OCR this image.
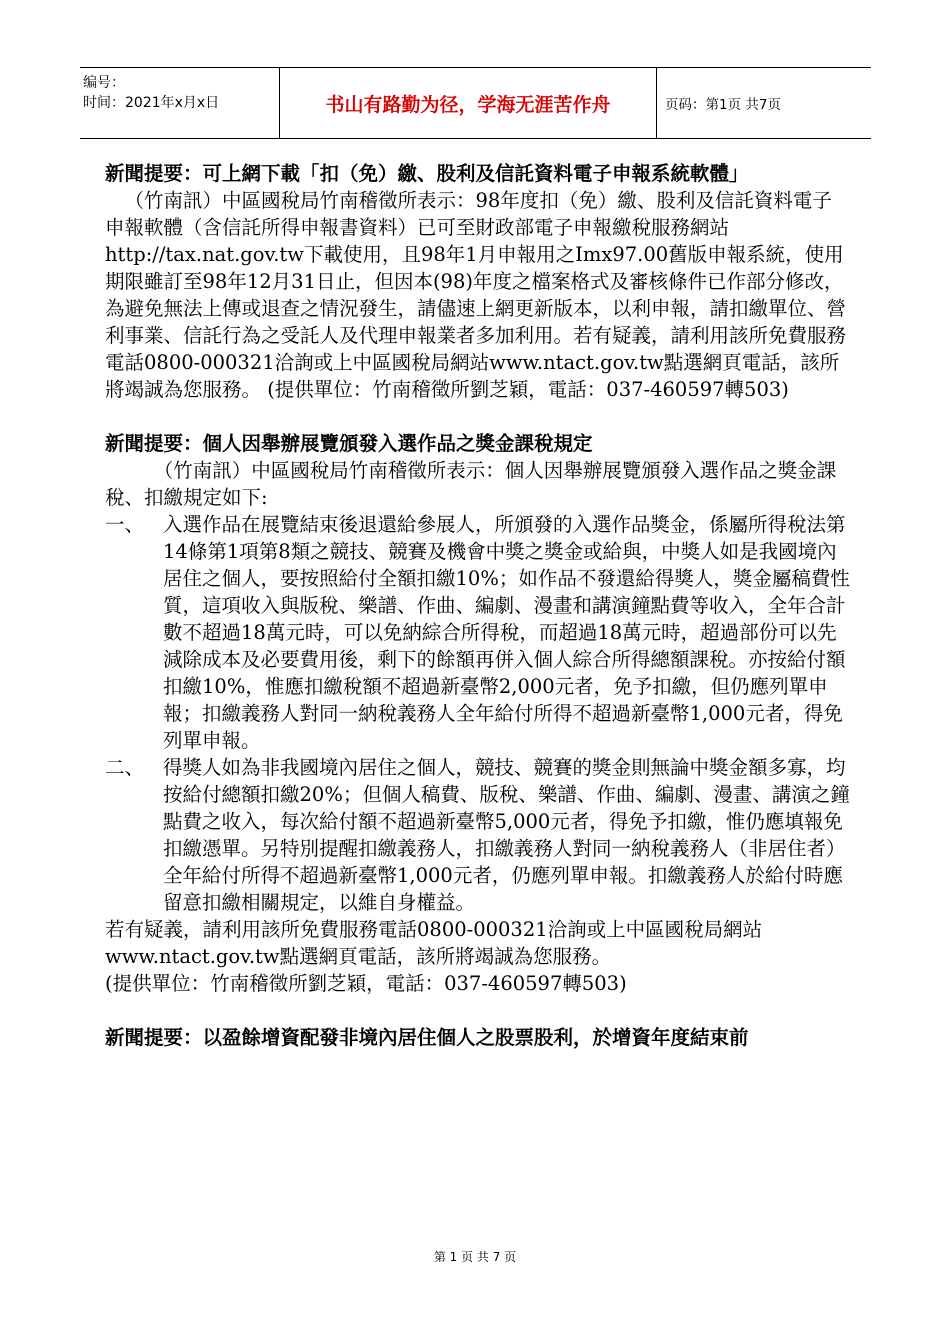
编号：
时间：2021年x月x日	书山有路勤为径，学海无涯苦作舟	页码：第1页 共7页

新聞提要：可上網下載「扣（免）繳、股利及信託資料電子申報系統軟體」

（竹南訊）中區國稅局竹南稽徵所表示：98年度扣（免）繳、股利及信託資料電子申報軟體（含信託所得申報書資料）已可至財政部電子申報繳稅服務網站http://tax.nat.gov.tw下載使用，且98年1月申報用之Imx97.00舊版申報系統，使用期限雖訂至98年12月31日止，但因本(98)年度之檔案格式及審核條件已作部分修改，為避免無法上傳或退查之情況發生，請儘速上網更新版本，以利申報，請扣繳單位、營利事業、信託行為之受託人及代理申報業者多加利用。若有疑義，請利用該所免費服務電話0800-000321洽詢或上中區國稅局網站www.ntact.gov.tw點選網頁電話，該所將竭誠為您服務。 (提供單位：竹南稽徵所劉芝穎，電話：037-460597轉503)

新聞提要：個人因舉辦展覽頒發入選作品之獎金課稅規定

（竹南訊）中區國稅局竹南稽徵所表示：個人因舉辦展覽頒發入選作品之獎金課稅、扣繳規定如下:

一、 入選作品在展覽結束後退還給參展人，所頒發的入選作品獎金，係屬所得稅法第14條第1項第8類之競技、競賽及機會中獎之獎金或給與，中獎人如是我國境內居住之個人，要按照給付全額扣繳10%；如作品不發還給得獎人，獎金屬稿費性質，這項收入與版稅、樂譜、作曲、編劇、漫畫和講演鐘點費等收入，全年合計數不超過18萬元時，可以免納綜合所得稅，而超過18萬元時，超過部份可以先減除成本及必要費用後，剩下的餘額再併入個人綜合所得總額課稅。亦按給付額扣繳10%，惟應扣繳稅額不超過新臺幣2,000元者，免予扣繳，但仍應列單申報；扣繳義務人對同一納稅義務人全年給付所得不超過新臺幣1,000元者，得免列單申報。
二、 得獎人如為非我國境內居住之個人，競技、競賽的獎金則無論中獎金額多寡，均按給付總額扣繳20%；但個人稿費、版稅、樂譜、作曲、編劇、漫畫、講演之鐘點費之收入，每次給付額不超過新臺幣5,000元者，得免予扣繳，惟仍應填報免扣繳憑單。另特別提醒扣繳義務人，扣繳義務人對同一納稅義務人（非居住者）全年給付所得不超過新臺幣1,000元者，仍應列單申報。扣繳義務人於給付時應留意扣繳相關規定，以維自身權益。

若有疑義，請利用該所免費服務電話0800-000321洽詢或上中區國稅局網站www.ntact.gov.tw點選網頁電話，該所將竭誠為您服務。

(提供單位：竹南稽徵所劉芝穎，電話：037-460597轉503)

新聞提要：以盈餘增資配發非境內居住個人之股票股利，於增資年度結束前

第 1 页 共 7 页
